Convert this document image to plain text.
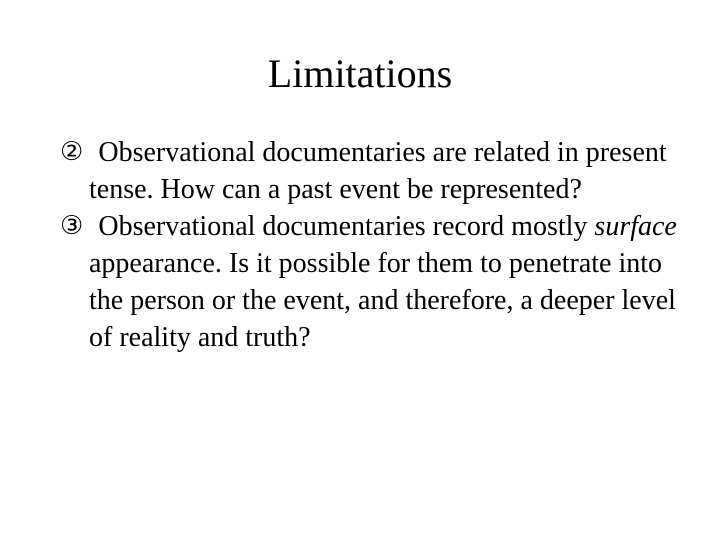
Limitations
②
  Observational documentaries are related in present tense. How can a past event be represented?
③
  Observational documentaries record mostly surface appearance. Is it possible for them to penetrate into the person or the event, and therefore, a deeper level of reality and truth?
